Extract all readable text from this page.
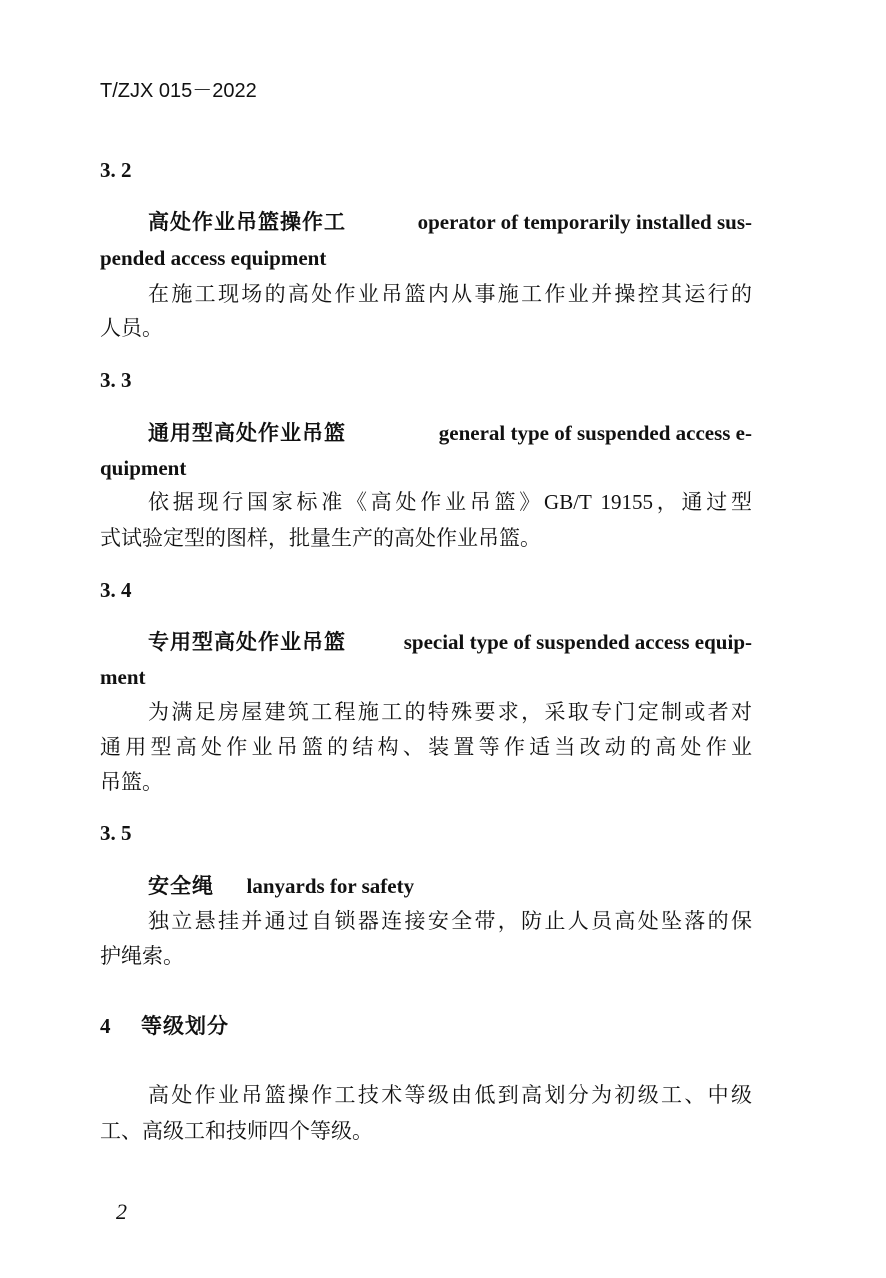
T/ZJX 015－2022
3. 2
高处作业吊篮操作工	operator of temporarily installed sus-
pended access equipment
在施工现场的高处作业吊篮内从事施工作业并操控其运行的
人员。
3. 3
通用型高处作业吊篮	general type of suspended access e-
quipment
依据现行国家标准《高处作业吊篮》GB/T 19155，通过型
式试验定型的图样，批量生产的高处作业吊篮。
3. 4
专用型高处作业吊篮	special type of suspended access equip-
ment
为满足房屋建筑工程施工的特殊要求，采取专门定制或者对
通用型高处作业吊篮的结构、装置等作适当改动的高处作业
吊篮。
3. 5
安全绳 lanyards for safety
独立悬挂并通过自锁器连接安全带，防止人员高处坠落的保
护绳索。
4 等级划分
高处作业吊篮操作工技术等级由低到高划分为初级工、中级
工、高级工和技师四个等级。
2
